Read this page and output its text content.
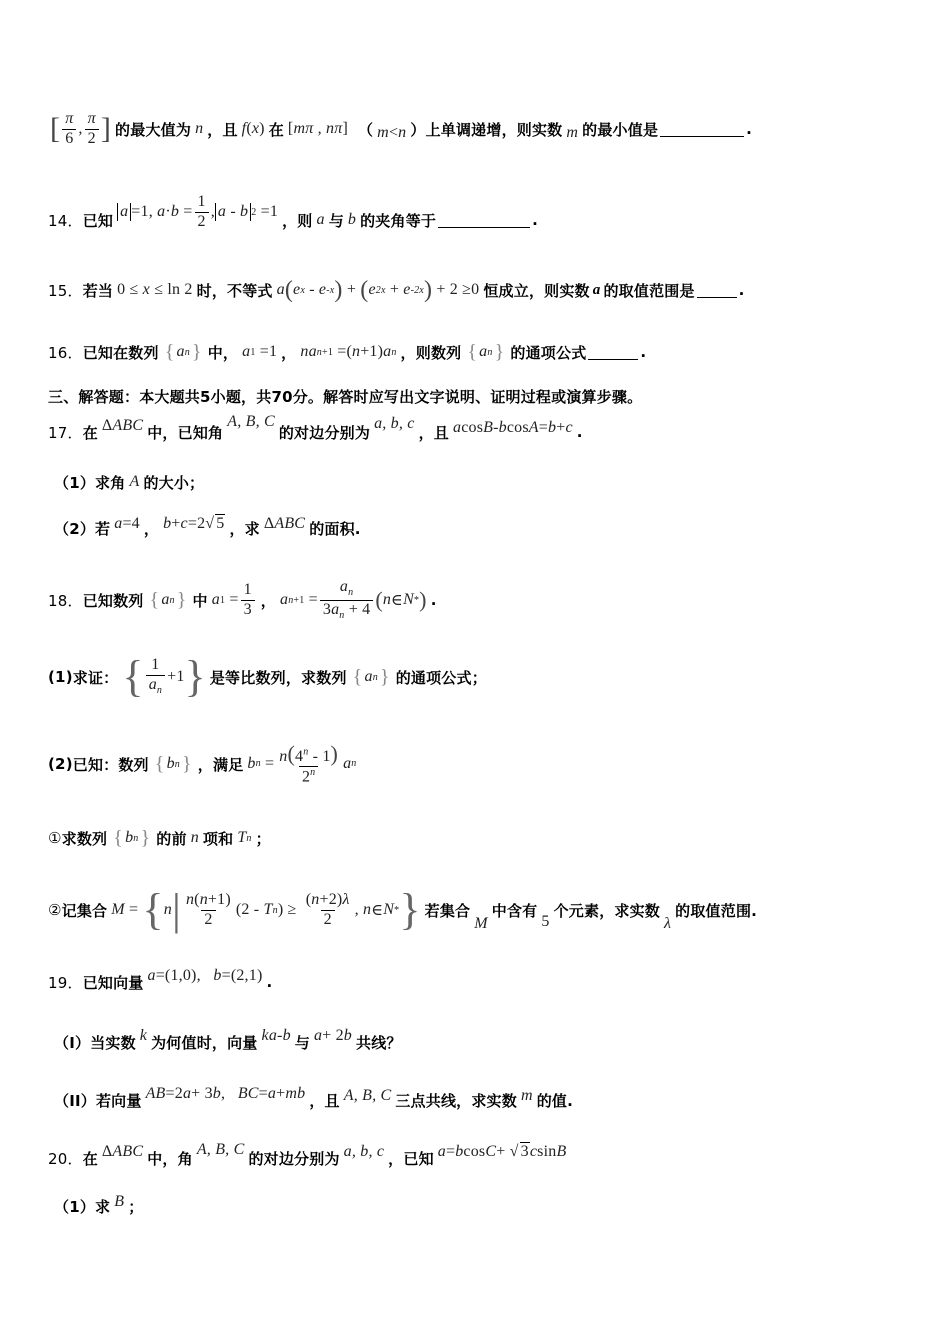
[ $\frac{\pi}{6}$ , $\frac{\pi}{2}$ ] 的最大值为 n ，且 f ( x ) 在 [ mπ , nπ ] （ m < n ）上单调递增，则实数 m 的最小值是	.
14． 已知 a =1, $a \cdot b = \frac{1}{2}$ , a - b 2 =1 ，则 a 与 b 的夹角等于	.
15． 若当 0 ≤ x ≤ ln 2 时，不等式 a ( e x
- e -x ) + ( e 2x
+ e -2x ) + 2 ≥0 恒成立，则实数 a 的取值范围是	.
16． 已知在数列 { a n } 中， a 1 =1 ， na n+1 =( n +1) a n ，则数列 { a n } 的通项公式	.
三、解答题：本大题共5小题，共70分。解答时应写出文字说明、证明过程或演算步骤。
17． 在 Δ ABC 中，已知角
A, B, C
的对边分别为 a, b, c ，且 a cos B - b cos A = b + c .
（1） 求角 A 的大小；
（2） 若 a =4 ， b + c =2√ 5 ，求 Δ ABC 的面积.
18． 已知数列 { a n } 中 a $1 = \frac{1}{3}$ ， a $n+1 = \frac{a_n}{3a_n + 4}$ ( n ∈ N * ) .
(1) 求证： { $\frac{1}{a_n} +1$ } 是等比数列，求数列 { a n } 的通项公式；
(2) 已知：数列 { b n } ，满足 b $n = \frac{n(4^n - 1)}{2^n}$ a n
① 求数列 { b n } 的前 n 项和 T n ；
② 记集合 M = { n | $\frac{n(n+1)}{2} (2$ - T n ) ≥ $\frac{(n+2)\lambda}{2}$ , n ∈ N * } 若集合
M
中含有
5
个元素，求实数
λ
的取值范围.
19． 已知向量 a =(1,0), b =(2,1) .
（I） 当实数 k 为何值时，向量 ka - b 与 a + 2 b 共线？
（II） 若向量 AB =2 a + 3 b , BC = a + mb ，且 A, B, C 三点共线，求实数 m 的值.
20． 在 Δ ABC 中，角 A, B, C 的对边分别为 a, b, c ，已知 a = b cos C + √ 3 c sin B
（1） 求 B ；
